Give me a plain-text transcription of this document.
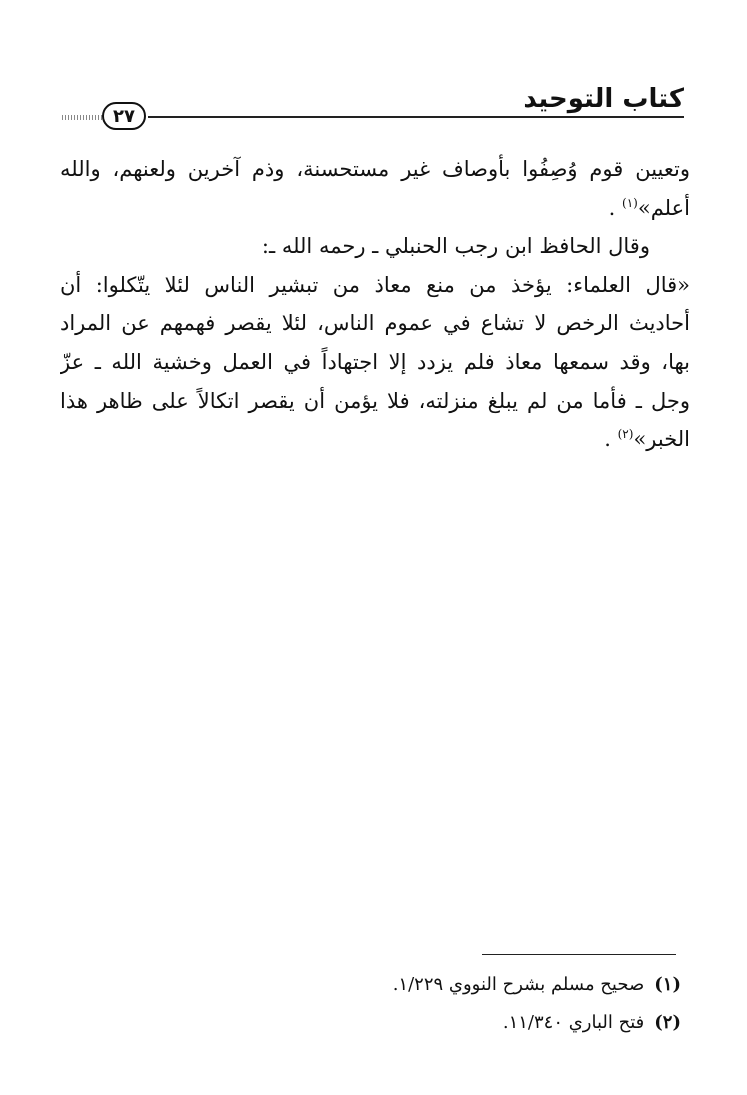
كتاب التوحيد
٢٧
وتعيين قوم وُصِفُوا بأوصاف غير مستحسنة، وذم آخرين ولعنهم، والله
أعلم»$^{(١)}$ .
وقال الحافظ ابن رجب الحنبلي ـ رحمه الله ـ:
«قال العلماء: يؤخذ من منع معاذ من تبشير الناس لئلا يتّكلوا: أن
أحاديث الرخص لا تشاع في عموم الناس، لئلا يقصر فهمهم عن المراد
بها، وقد سمعها معاذ فلم يزدد إلا اجتهاداً في العمل وخشية الله ـ عزّ
وجل ـ فأما من لم يبلغ منزلته، فلا يؤمن أن يقصر اتكالاً على ظاهر هذا
الخبر»$^{(٢)}$ .
(١)صحيح مسلم بشرح النووي ١/٢٢٩.
(٢)فتح الباري ١١/٣٤٠.
